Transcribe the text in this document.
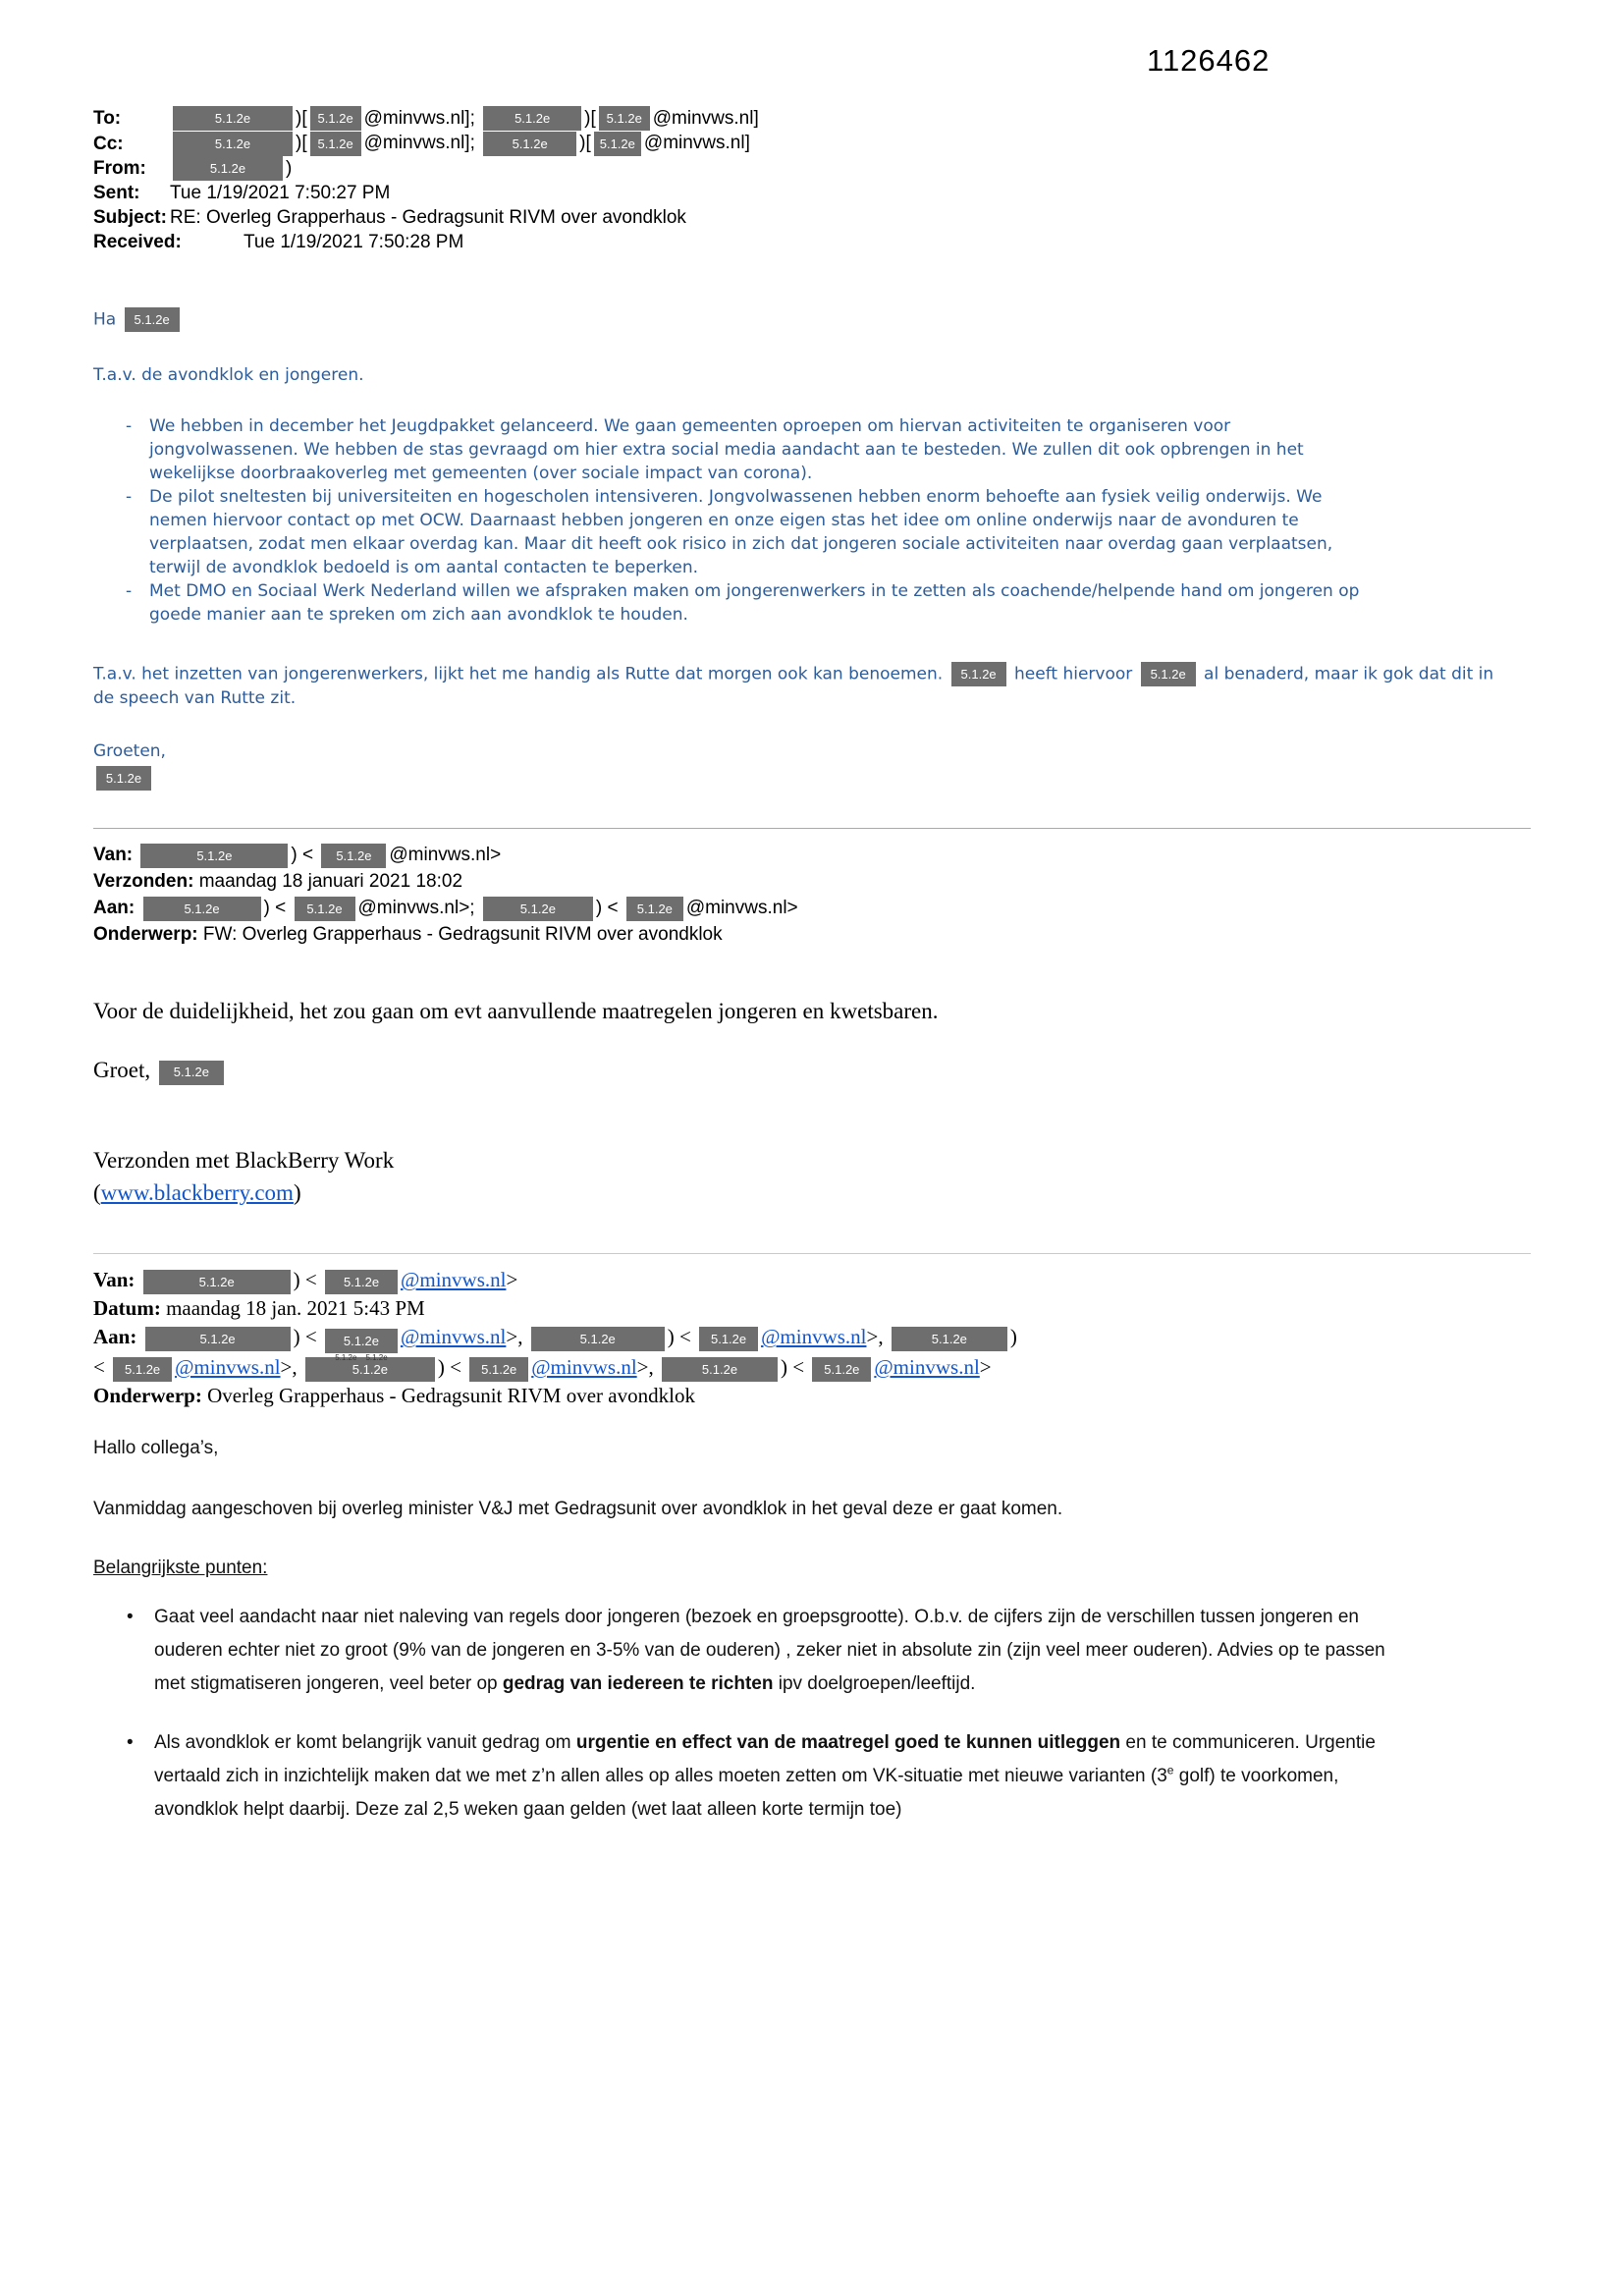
1126462
To:	5.1.2e )[ 5.1.2e @minvws.nl];	5.1.2e )[ 5.1.2e @minvws.nl]
Cc:	5.1.2e )[ 5.1.2e @minvws.nl]; 5.1.2e )[ 5.1.2e @minvws.nl]
From:	5.1.2e )
Sent:	Tue 1/19/2021 7:50:27 PM
Subject: RE: Overleg Grapperhaus - Gedragsunit RIVM over avondklok
Received:	Tue 1/19/2021 7:50:28 PM

Ha 5.1.2e

T.a.v. de avondklok en jongeren.

- We hebben in december het Jeugdpakket gelanceerd. We gaan gemeenten oproepen om hiervan activiteiten te organiseren voor jongvolwassenen. We hebben de stas gevraagd om hier extra social media aandacht aan te besteden. We zullen dit ook opbrengen in het wekelijkse doorbraakoverleg met gemeenten (over sociale impact van corona).
- De pilot sneltesten bij universiteiten en hogescholen intensiveren. Jongvolwassenen hebben enorm behoefte aan fysiek veilig onderwijs. We nemen hiervoor contact op met OCW. Daarnaast hebben jongeren en onze eigen stas het idee om online onderwijs naar de avonduren te verplaatsen, zodat men elkaar overdag kan. Maar dit heeft ook risico in zich dat jongeren sociale activiteiten naar overdag gaan verplaatsen, terwijl de avondklok bedoeld is om aantal contacten te beperken.
- Met DMO en Sociaal Werk Nederland willen we afspraken maken om jongerenwerkers in te zetten als coachende/helpende hand om jongeren op goede manier aan te spreken om zich aan avondklok te houden.

T.a.v. het inzetten van jongerenwerkers, lijkt het me handig als Rutte dat morgen ook kan benoemen. 5.1.2e heeft hiervoor 5.1.2e al benaderd, maar ik gok dat dit in de speech van Rutte zit.

Groeten,

5.1.2e

Van:	5.1.2e	) < 5.1.2e @minvws.nl>
Verzonden: maandag 18 januari 2021 18:02
Aan:	5.1.2e ) < 5.1.2e @minvws.nl>;	5.1.2e ) < 5.1.2e @minvws.nl>
Onderwerp: FW: Overleg Grapperhaus - Gedragsunit RIVM over avondklok

Voor de duidelijkheid, het zou gaan om evt aanvullende maatregelen jongeren en kwetsbaren.

Groet, 5.1.2e

Verzonden met BlackBerry Work

(www.blackberry.com)

Van:	5.1.2e	) < 5.1.2e @minvws.nl>
Datum: maandag 18 jan. 2021 5:43 PM
Aan:	5.1.2e	) < 5.1.2e
5.1.2e 5.1.2e
@minvws.nl>,	5.1.2e	) < 5.1.2e @minvws.nl>,	5.1.2e )
< 5.1.2e @minvws.nl>,	5.1.2e ) < 5.1.2e @minvws.nl>,	5.1.2e ) < 5.1.2e @minvws.nl>
Onderwerp: Overleg Grapperhaus - Gedragsunit RIVM over avondklok

Hallo collega’s,

Vanmiddag aangeschoven bij overleg minister V&J met Gedragsunit over avondklok in het geval deze er gaat komen.

Belangrijkste punten:

• Gaat veel aandacht naar niet naleving van regels door jongeren (bezoek en groepsgrootte). O.b.v. de cijfers zijn de verschillen tussen jongeren en ouderen echter niet zo groot (9% van de jongeren en 3-5% van de ouderen) , zeker niet in absolute zin (zijn veel meer ouderen). Advies op te passen met stigmatiseren jongeren, veel beter op gedrag van iedereen te richten ipv doelgroepen/leeftijd.
• Als avondklok er komt belangrijk vanuit gedrag om urgentie en effect van de maatregel goed te kunnen uitleggen en te communiceren. Urgentie vertaald zich in inzichtelijk maken dat we met z’n allen alles op alles moeten zetten om VK-situatie met nieuwe varianten (3e golf) te voorkomen, avondklok helpt daarbij. Deze zal 2,5 weken gaan gelden (wet laat alleen korte termijn toe)
